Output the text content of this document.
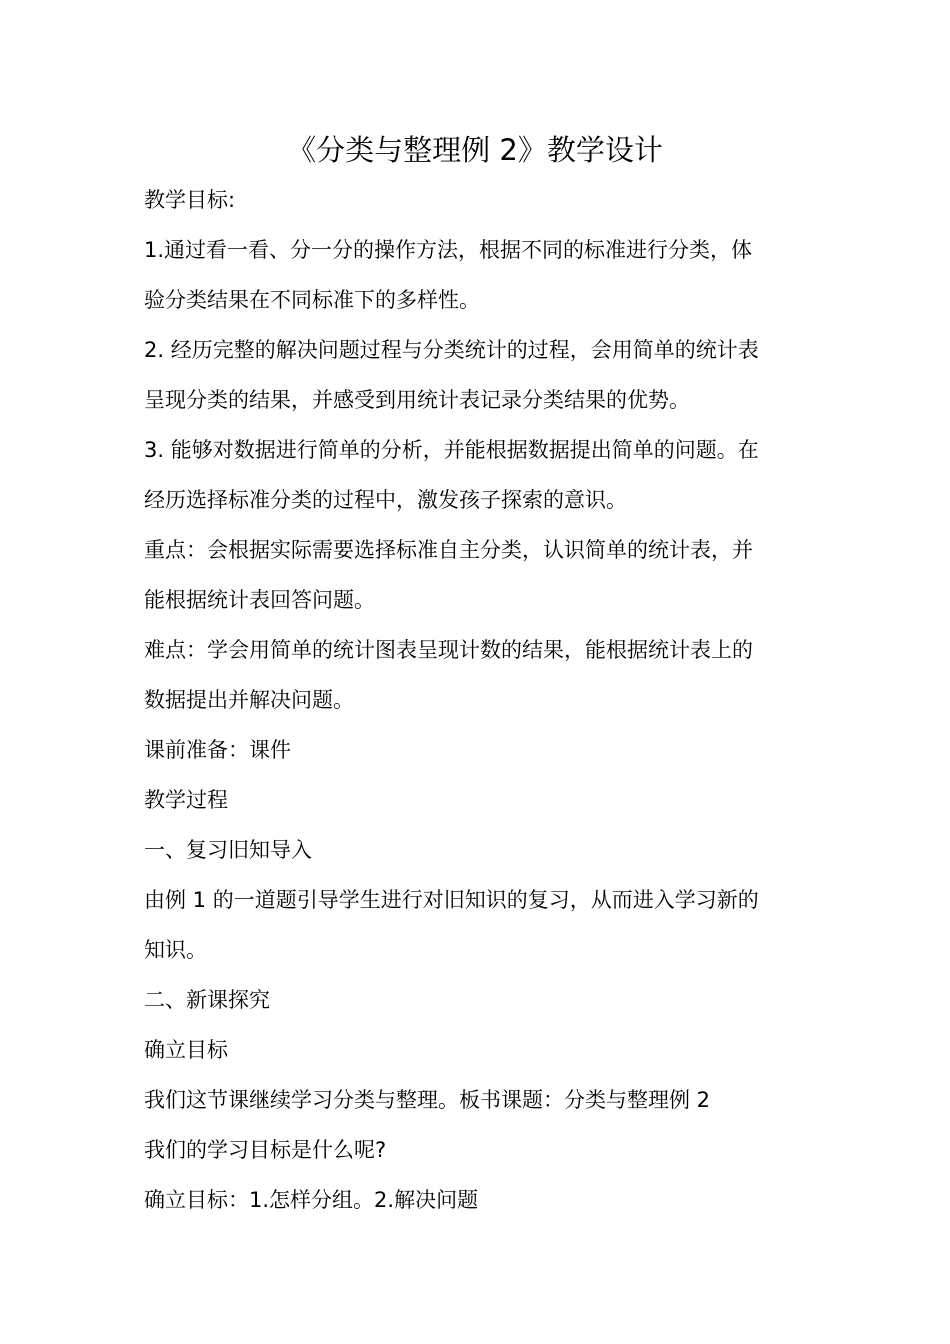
《分类与整理例 2》教学设计
教学目标:
1.通过看一看、分一分的操作方法，根据不同的标准进行分类，体
验分类结果在不同标准下的多样性。
2. 经历完整的解决问题过程与分类统计的过程，会用简单的统计表
呈现分类的结果，并感受到用统计表记录分类结果的优势。
3. 能够对数据进行简单的分析，并能根据数据提出简单的问题。在
经历选择标准分类的过程中，激发孩子探索的意识。
重点：会根据实际需要选择标准自主分类，认识简单的统计表，并
能根据统计表回答问题。
难点：学会用简单的统计图表呈现计数的结果，能根据统计表上的
数据提出并解决问题。
课前准备：课件
教学过程
一、复习旧知导入
由例 1 的一道题引导学生进行对旧知识的复习，从而进入学习新的
知识。
二、新课探究
确立目标
我们这节课继续学习分类与整理。板书课题：分类与整理例 2
我们的学习目标是什么呢?
确立目标：1.怎样分组。2.解决问题
